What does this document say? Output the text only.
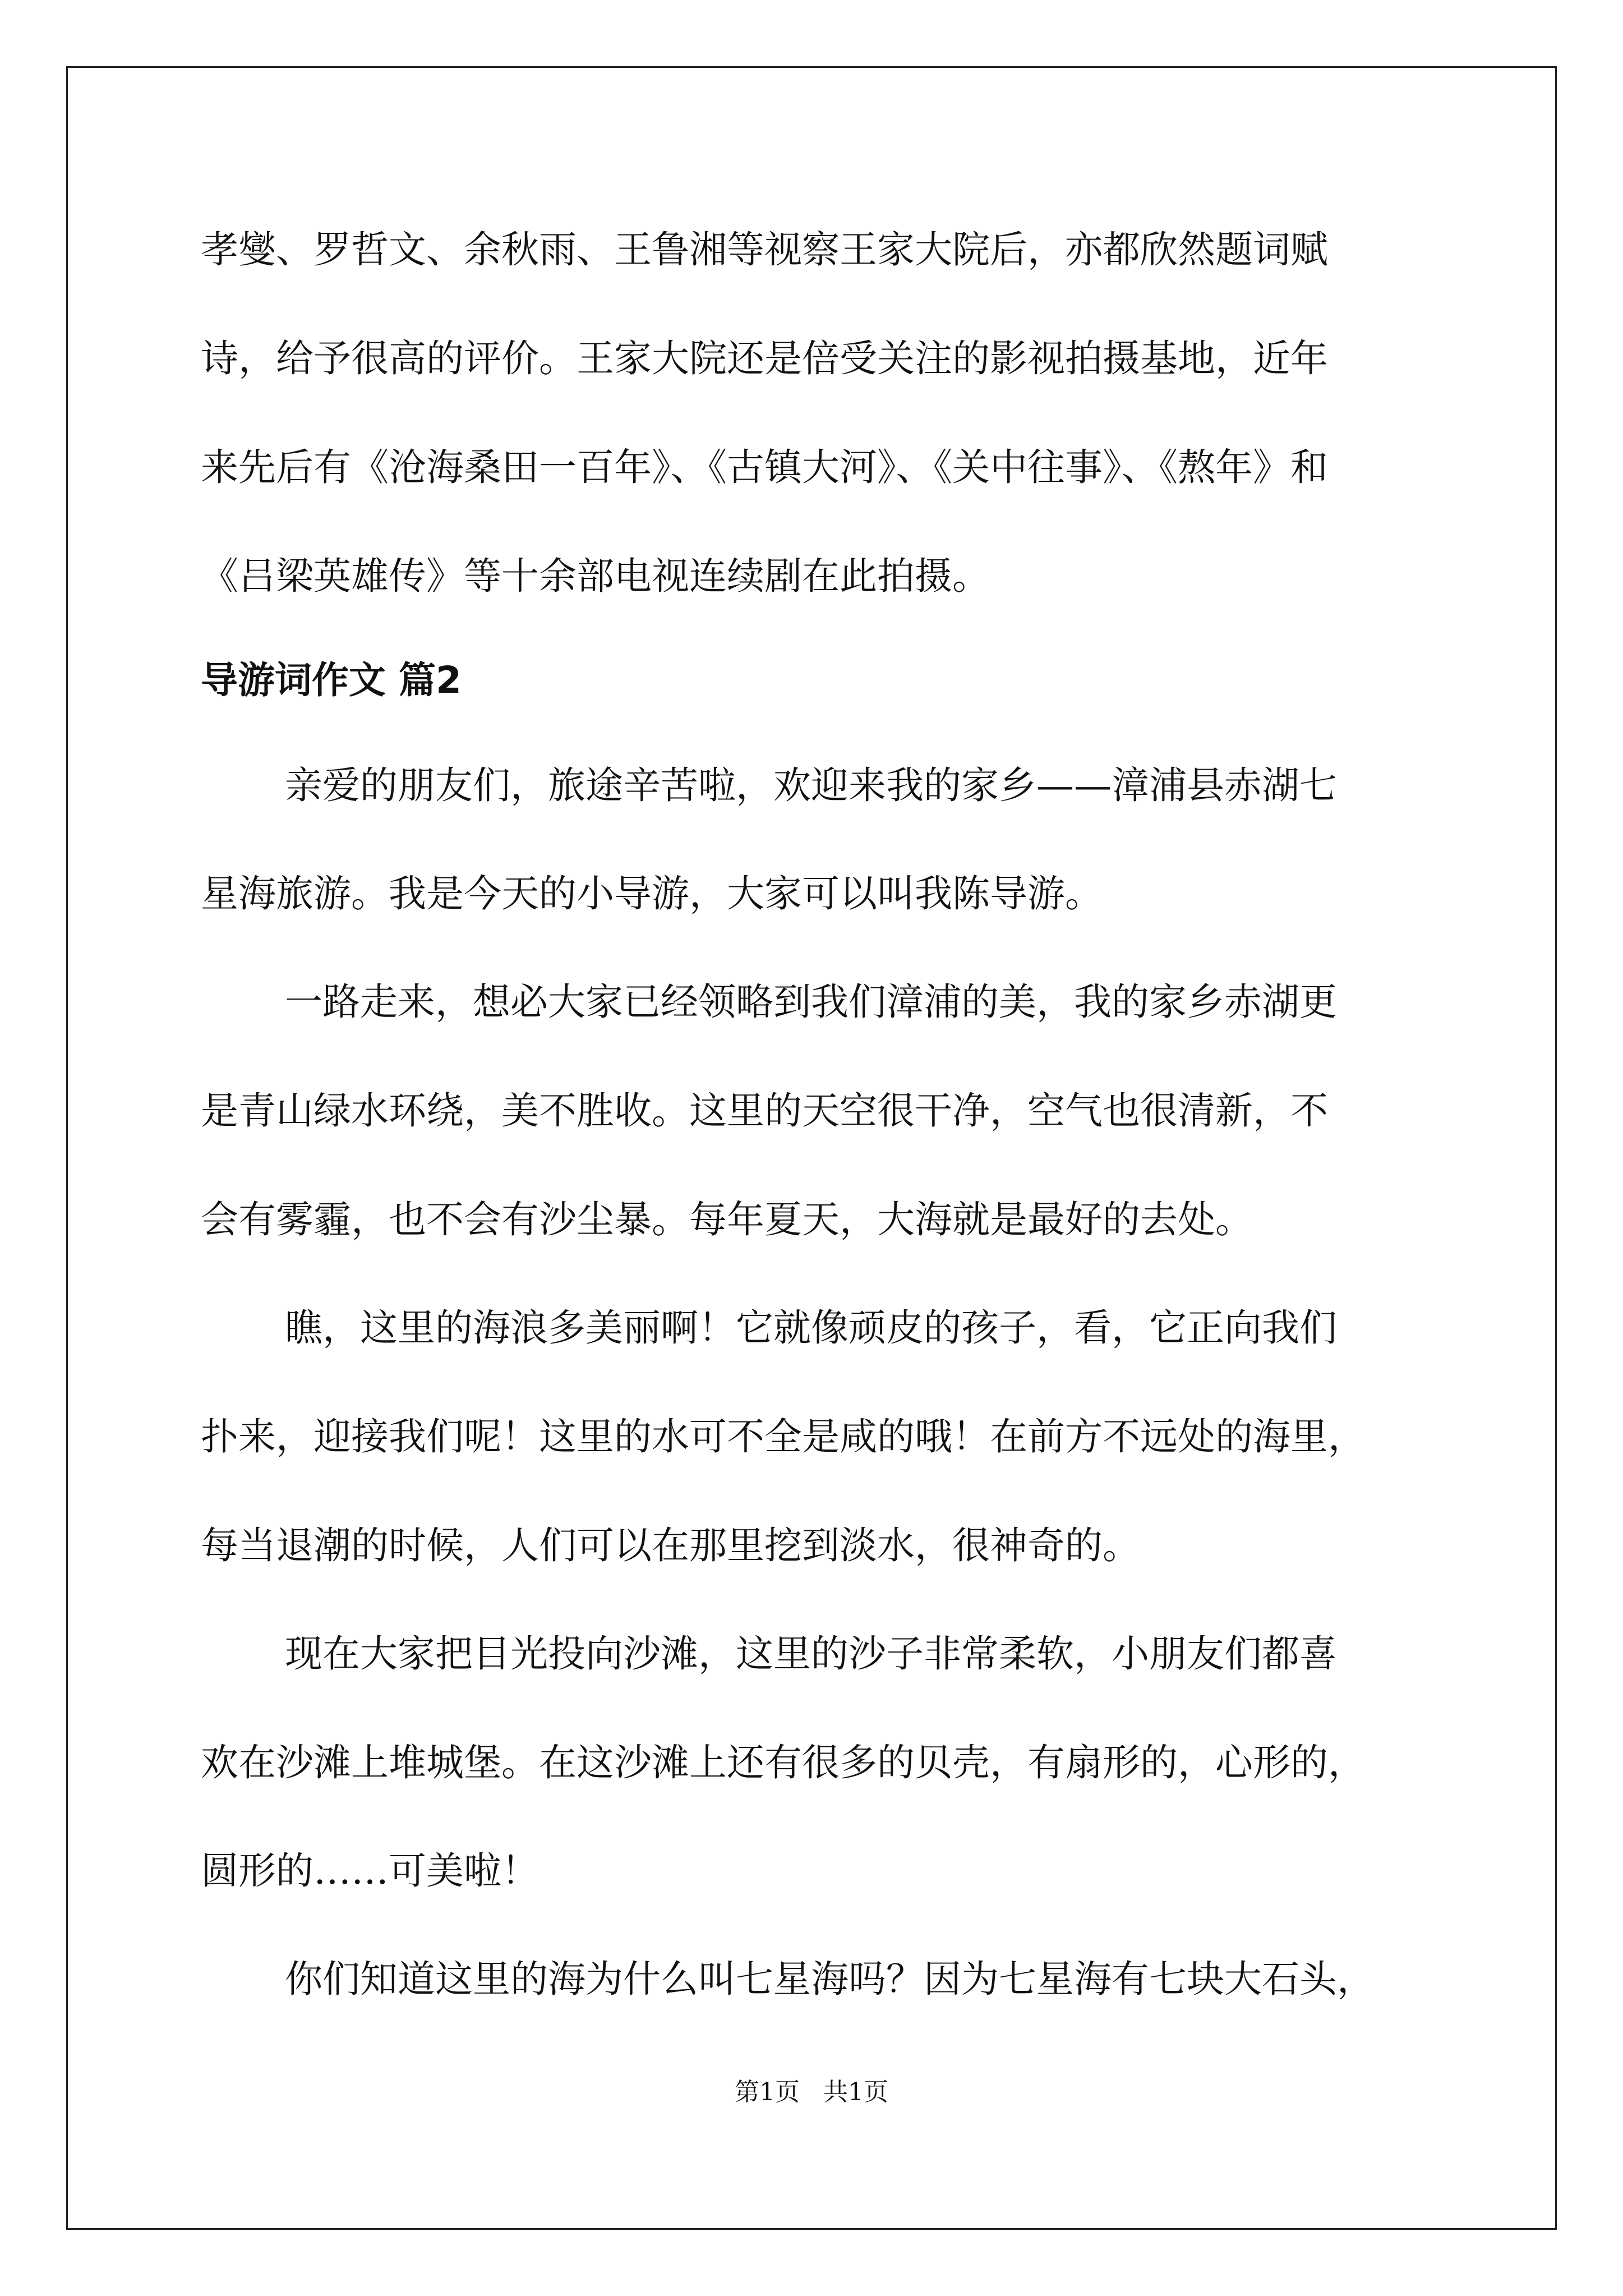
孝燮、罗哲文、余秋雨、王鲁湘等视察王家大院后，亦都欣然题词赋

诗，给予很高的评价。王家大院还是倍受关注的影视拍摄基地，近年

来先后有《沧海桑田一百年》、《古镇大河》、《关中往事》、《熬年》和

《吕梁英雄传》等十余部电视连续剧在此拍摄。

导游词作文 篇2

亲爱的朋友们，旅途辛苦啦，欢迎来我的家乡——漳浦县赤湖七

星海旅游。我是今天的小导游，大家可以叫我陈导游。

一路走来，想必大家已经领略到我们漳浦的美，我的家乡赤湖更

是青山绿水环绕，美不胜收。这里的天空很干净，空气也很清新，不

会有雾霾，也不会有沙尘暴。每年夏天，大海就是最好的去处。

瞧，这里的海浪多美丽啊！它就像顽皮的孩子，看，它正向我们

扑来，迎接我们呢！这里的水可不全是咸的哦！在前方不远处的海里，

每当退潮的时候，人们可以在那里挖到淡水，很神奇的。

现在大家把目光投向沙滩，这里的沙子非常柔软，小朋友们都喜

欢在沙滩上堆城堡。在这沙滩上还有很多的贝壳，有扇形的，心形的，

圆形的……可美啦！

你们知道这里的海为什么叫七星海吗？因为七星海有七块大石头，

第1页   共1页
